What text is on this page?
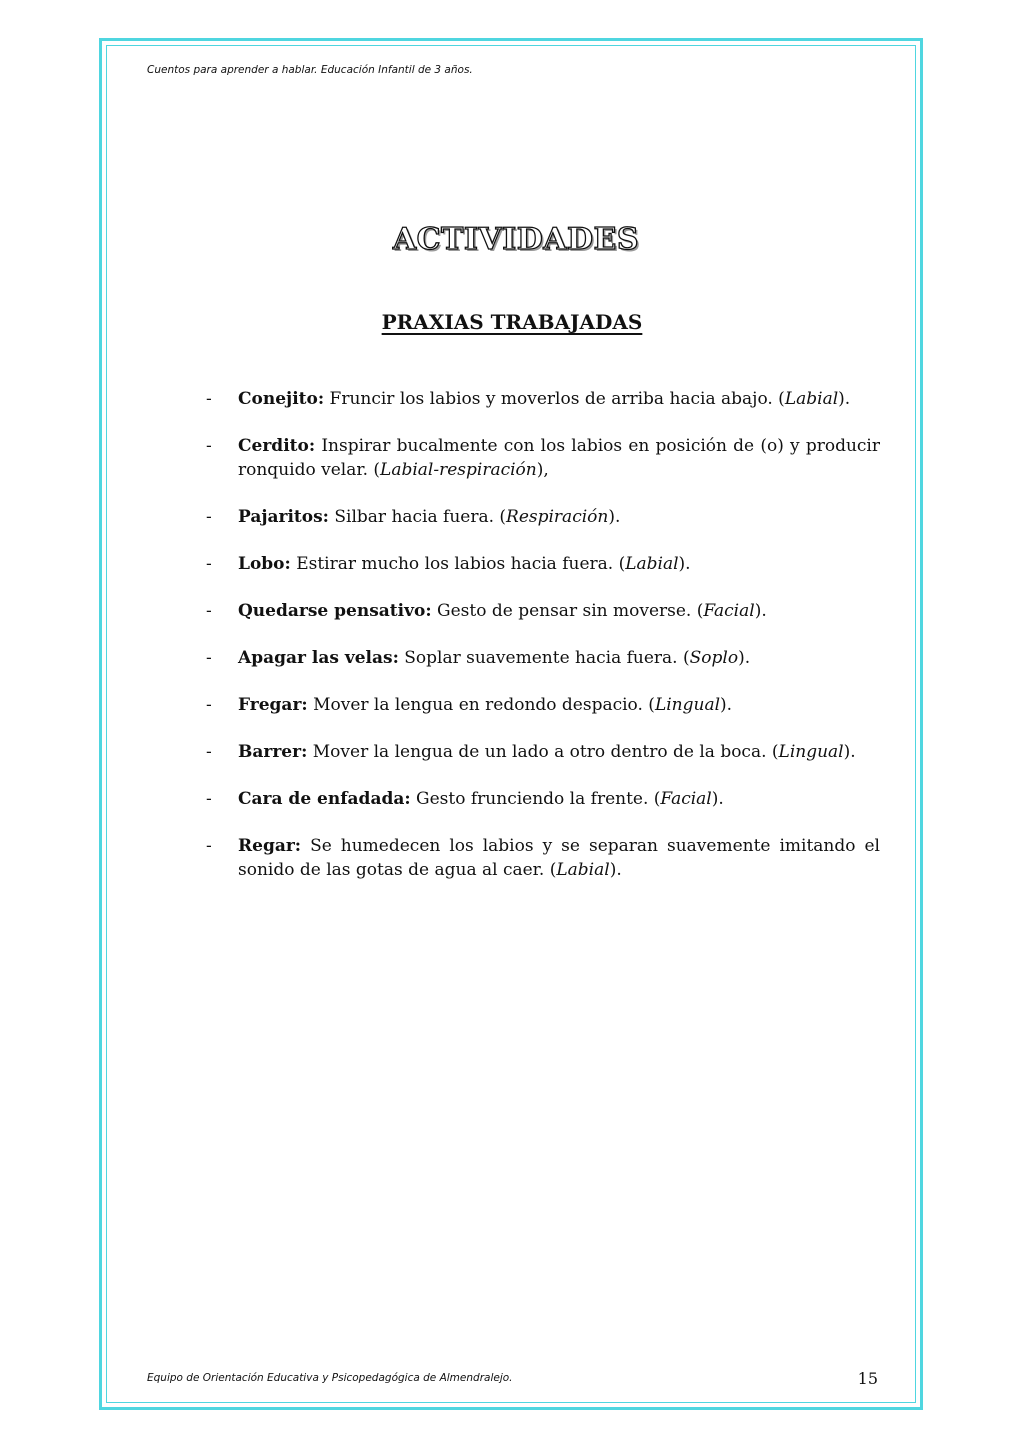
Cuentos para aprender a hablar. Educación Infantil de 3 años.
ACTIVIDADES
PRAXIAS TRABAJADAS
-	Conejito: Fruncir los labios y moverlos de arriba hacia abajo. (Labial).
-	Cerdito: Inspirar bucalmente con los labios en posición de (o) y producir ronquido velar. (Labial-respiración),
-	Pajaritos: Silbar hacia fuera. (Respiración).
-	Lobo: Estirar mucho los labios hacia fuera. (Labial).
-	Quedarse pensativo: Gesto de pensar sin moverse. (Facial).
-	Apagar las velas: Soplar suavemente hacia fuera. (Soplo).
-	Fregar: Mover la lengua en redondo despacio. (Lingual).
-	Barrer: Mover la lengua de un lado a otro dentro de la boca. (Lingual).
-	Cara de enfadada: Gesto frunciendo la frente. (Facial).
-	Regar: Se humedecen los labios y se separan suavemente imitando el sonido de las gotas de agua al caer. (Labial).
Equipo de Orientación Educativa y Psicopedagógica de Almendralejo.	15
